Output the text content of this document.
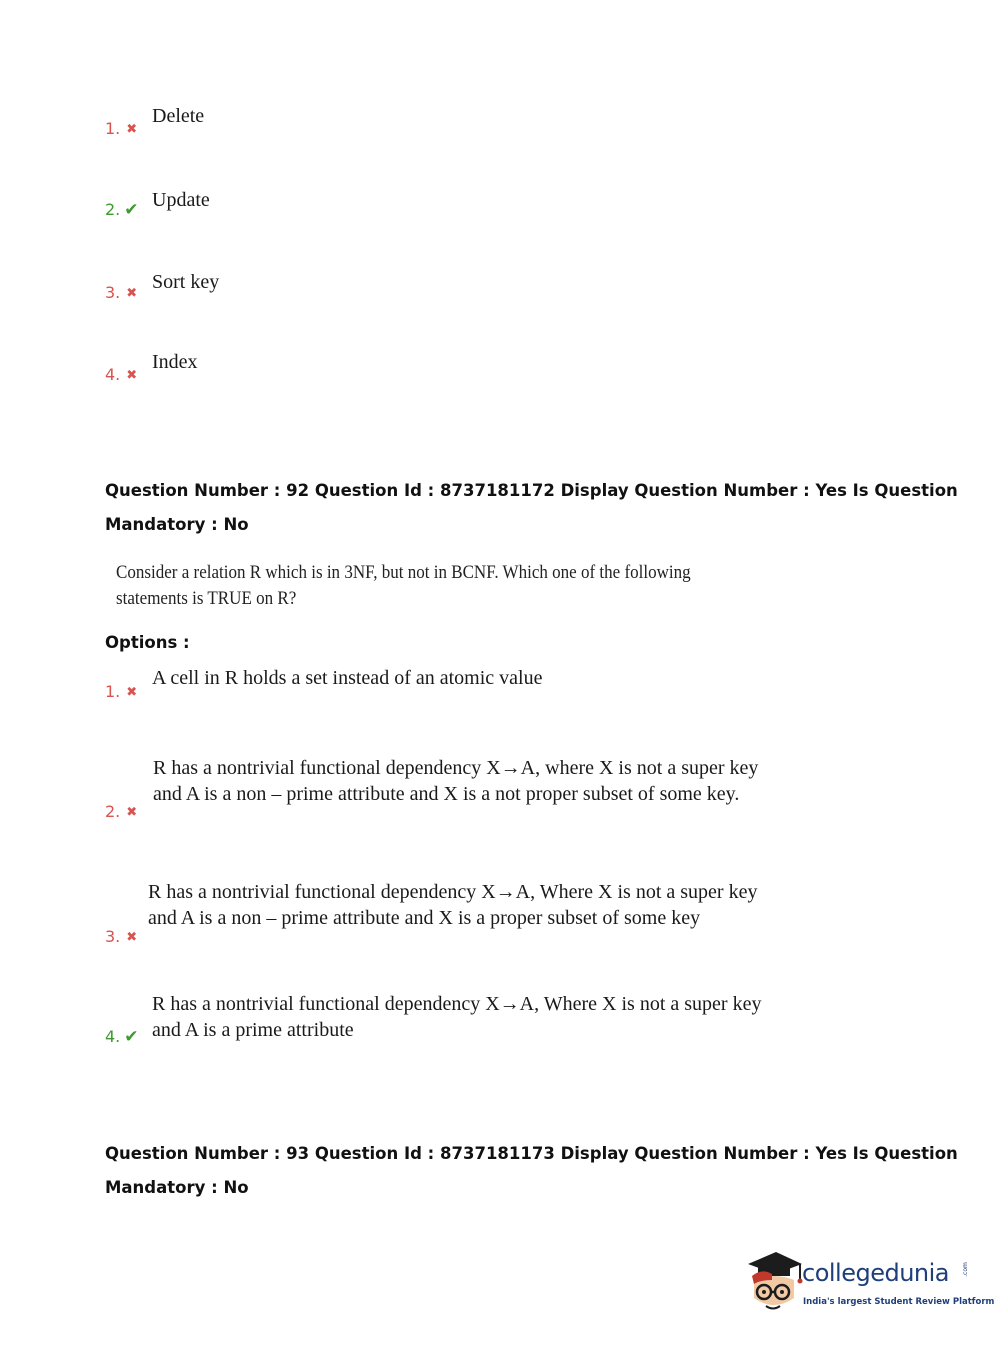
1. ✖
Delete
2. ✔ Update
3. ✖
Sort key
4. ✖
Index
Question Number : 92 Question Id : 8737181172 Display Question Number : Yes Is Question
Mandatory : No
Consider a relation R which is in 3NF, but not in BCNF. Which one of the following
statements is TRUE on R?
Options :
1. ✖
A cell in R holds a set instead of an atomic value
2. ✖
R has a nontrivial functional dependency X→A, where X is not a super key
and A is a non – prime attribute and X is a not proper subset of some key.
3. ✖
R has a nontrivial functional dependency X→A, Where X is not a super key
and A is a non – prime attribute and X is a proper subset of some key
4. ✔
R has a nontrivial functional dependency X→A, Where X is not a super key
and A is a prime attribute
Question Number : 93 Question Id : 8737181173 Display Question Number : Yes Is Question
Mandatory : No
collegedunia .com
India's largest Student Review Platform
